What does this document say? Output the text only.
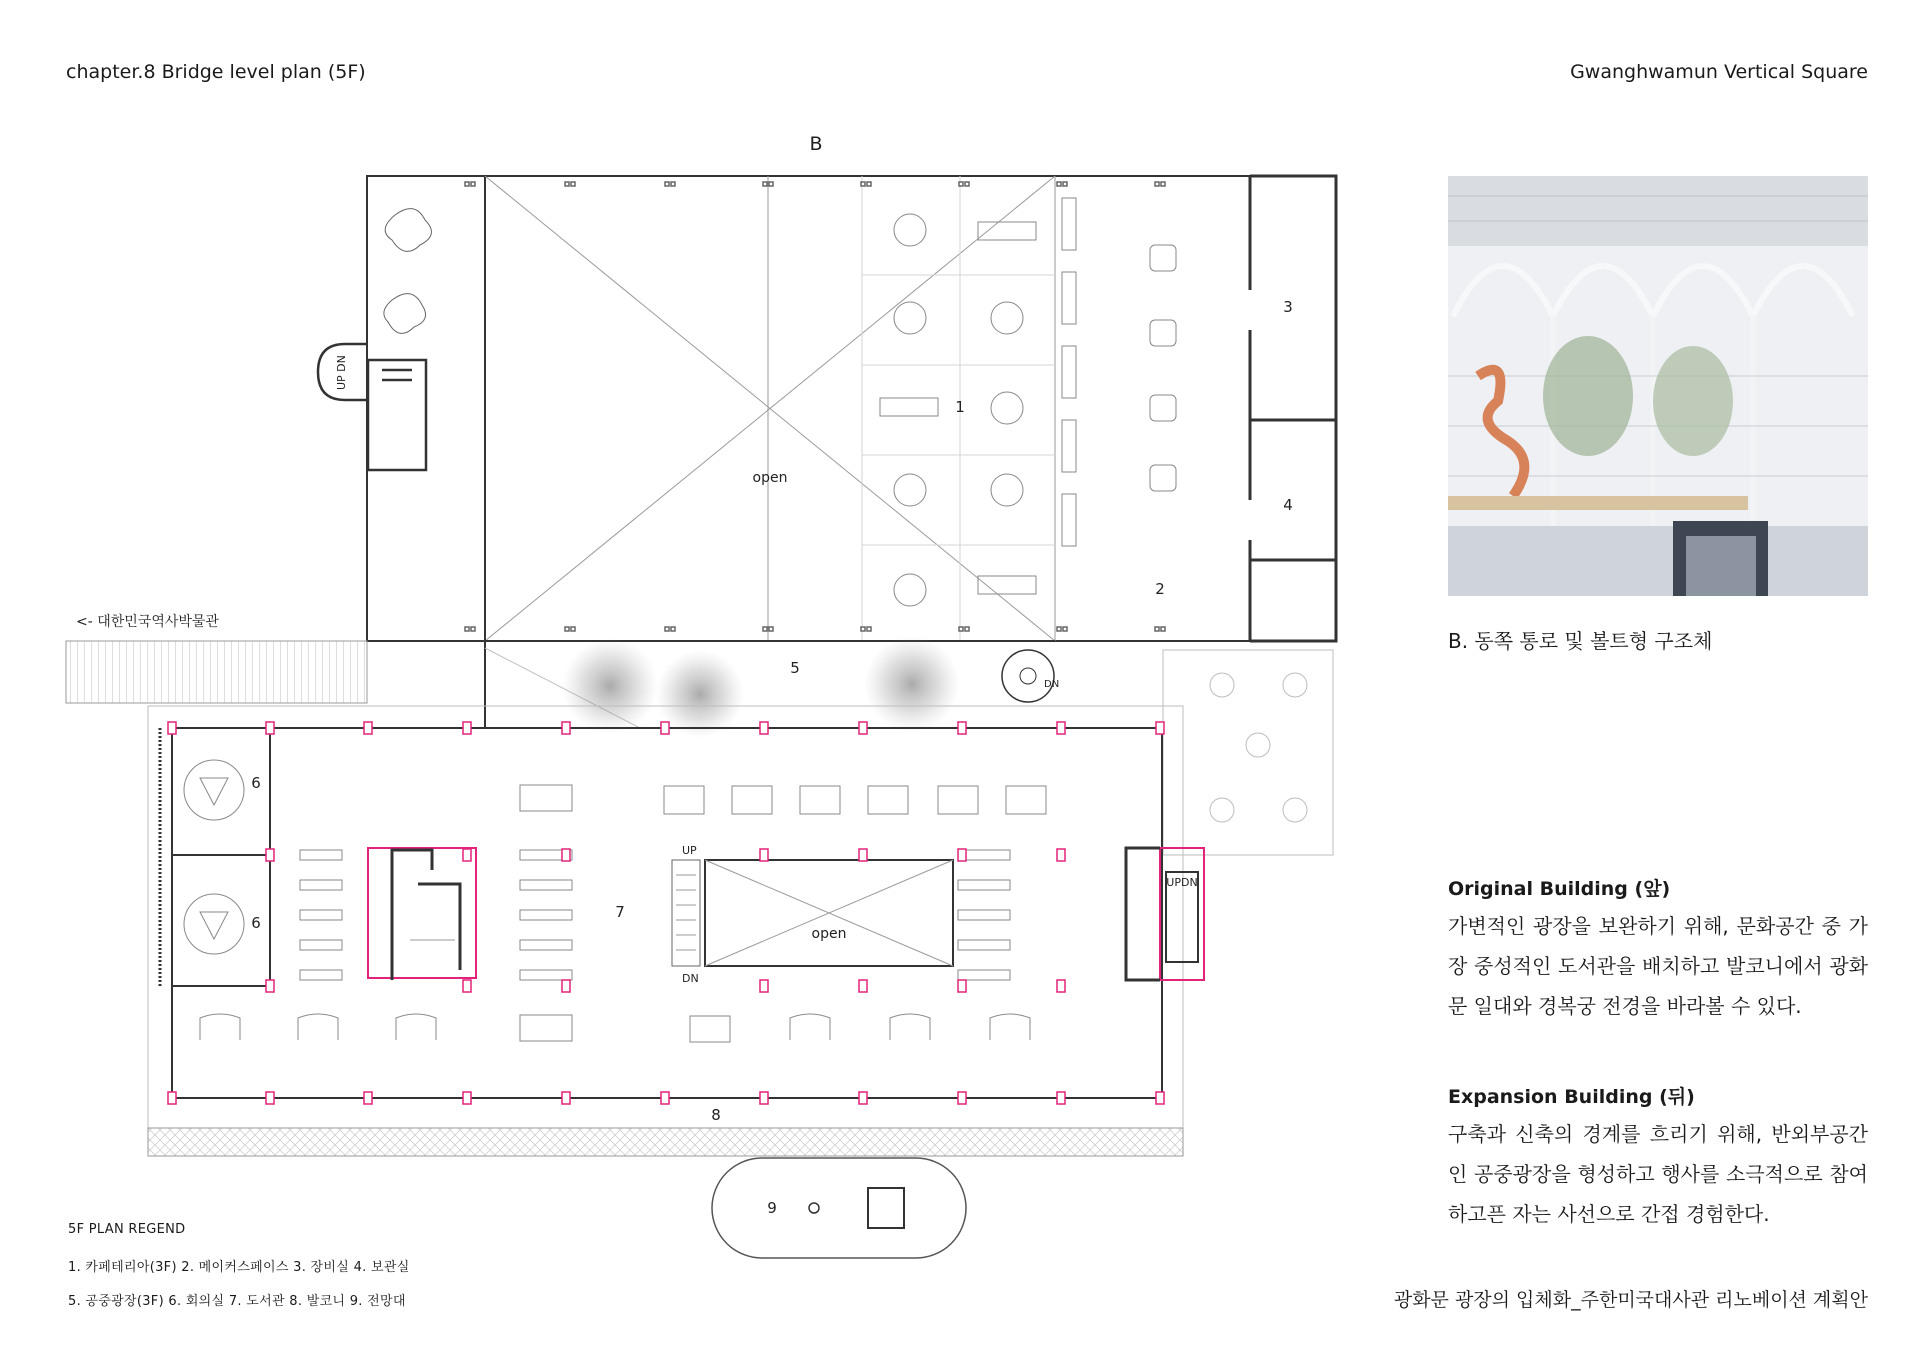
chapter.8 Bridge level plan (5F)	Gwanghwamun Vertical Square
B
open
1
2
3
4
UP DN
<- 대한민국역사박물관
5
DN
6
6
open
UP
DN
7
UPDN
8
9
B. 동쪽 통로 및 볼트형 구조체
Original Building (앞)
가변적인 광장을 보완하기 위해, 문화공간 중 가장 중성적인 도서관을 배치하고 발코니에서 광화문 일대와 경복궁 전경을 바라볼 수 있다.
Expansion Building (뒤)
구축과 신축의 경계를 흐리기 위해, 반외부공간인 공중광장을 형성하고 행사를 소극적으로 참여하고픈 자는 사선으로 간접 경험한다.
5F PLAN REGEND
1. 카페테리아(3F) 2. 메이커스페이스 3. 장비실 4. 보관실
5. 공중광장(3F) 6. 회의실 7. 도서관 8. 발코니 9. 전망대	광화문 광장의 입체화_주한미국대사관 리노베이션 계획안
